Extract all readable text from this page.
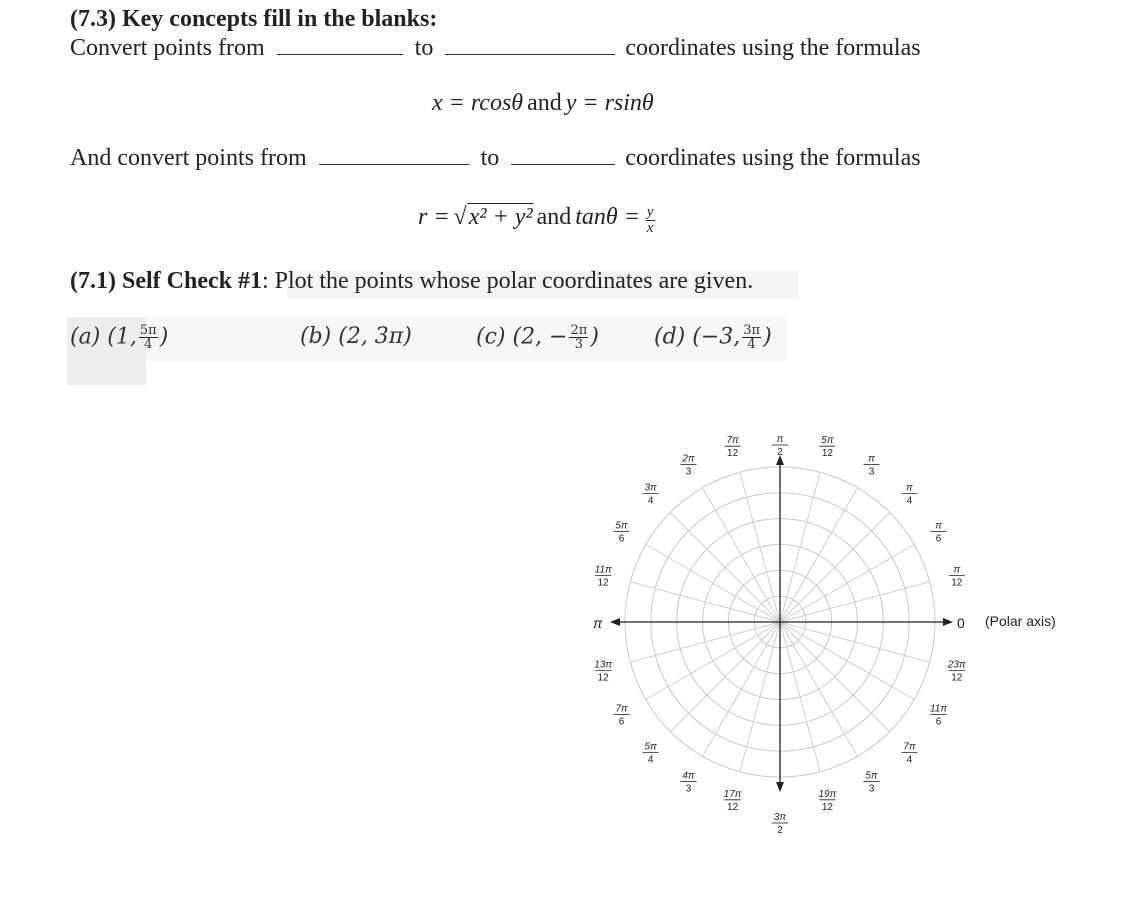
(7.3) Key concepts fill in the blanks:
Convert points from	to	coordinates using the formulas
x = rcosθ and y = rsinθ
And convert points from	to	coordinates using the formulas
r = √x² + y² and $\tan\theta = \frac{y}{x}$
(7.1) Self Check #1: Plot the points whose polar coordinates are given.
(a) (1, $\frac{5\pi}{4}$ )	(b) (2, 3π)	(c) (2, − $\frac{2\pi}{3}$ )	(d) (−3, $\frac{3\pi}{4}$ )
0
π	(Polar axis)
π
12
π
6
π
4
π
3
5π
12
π
2
7π
12
2π
3
3π
4
5π
6
11π
12
13π
12
7π
6
5π
4
4π
3	17π
12
3π
2
19π
12
5π
3
7π
4
11π
6
23π
12
